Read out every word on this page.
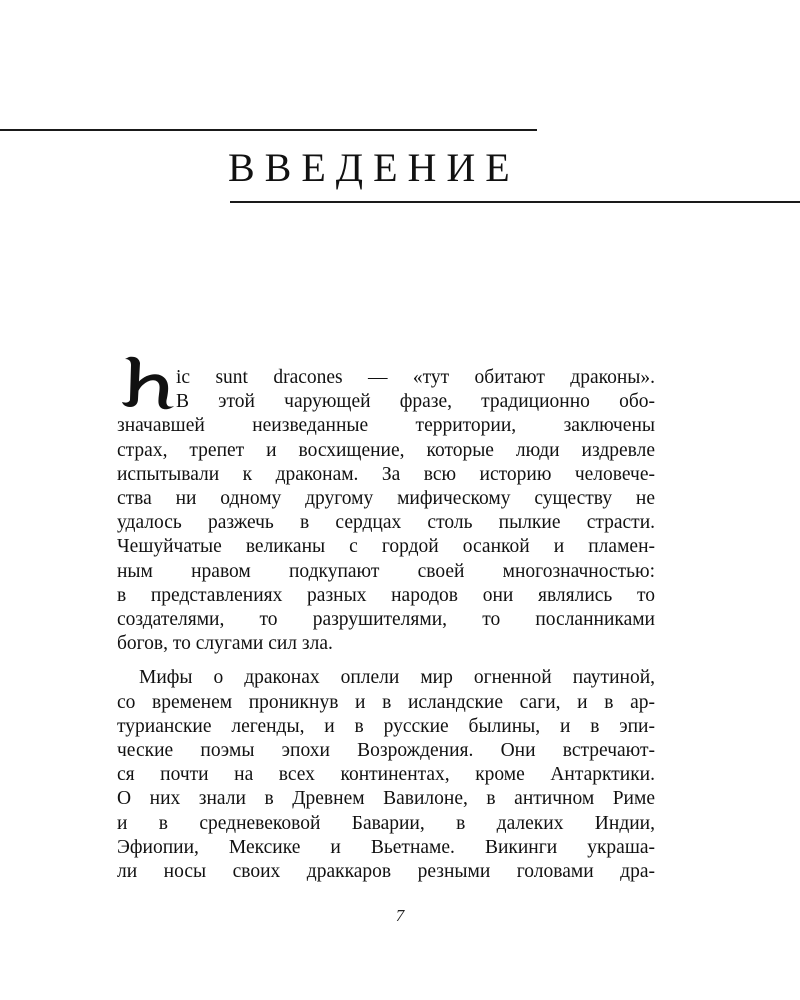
ВВЕДЕНИЕ
ic sunt dracones — «тут обитают драконы».
В этой чарующей фразе, традиционно обо-
значавшей неизведанные территории, заключены
страх, трепет и восхищение, которые люди издревле
испытывали к драконам. За всю историю человече-
ства ни одному другому мифическому существу не
удалось разжечь в сердцах столь пылкие страсти.
Чешуйчатые великаны с гордой осанкой и пламен-
ным нравом подкупают своей многозначностью:
в представлениях разных народов они являлись то
создателями, то разрушителями, то посланниками
богов, то слугами сил зла.
Мифы о драконах оплели мир огненной паутиной,
со временем проникнув и в исландские саги, и в ар-
турианские легенды, и в русские былины, и в эпи-
ческие поэмы эпохи Возрождения. Они встречают-
ся почти на всех континентах, кроме Антарктики.
О них знали в Древнем Вавилоне, в античном Риме
и в средневековой Баварии, в далеких Индии,
Эфиопии, Мексике и Вьетнаме. Викинги украша-
ли носы своих драккаров резными головами дра-
7
